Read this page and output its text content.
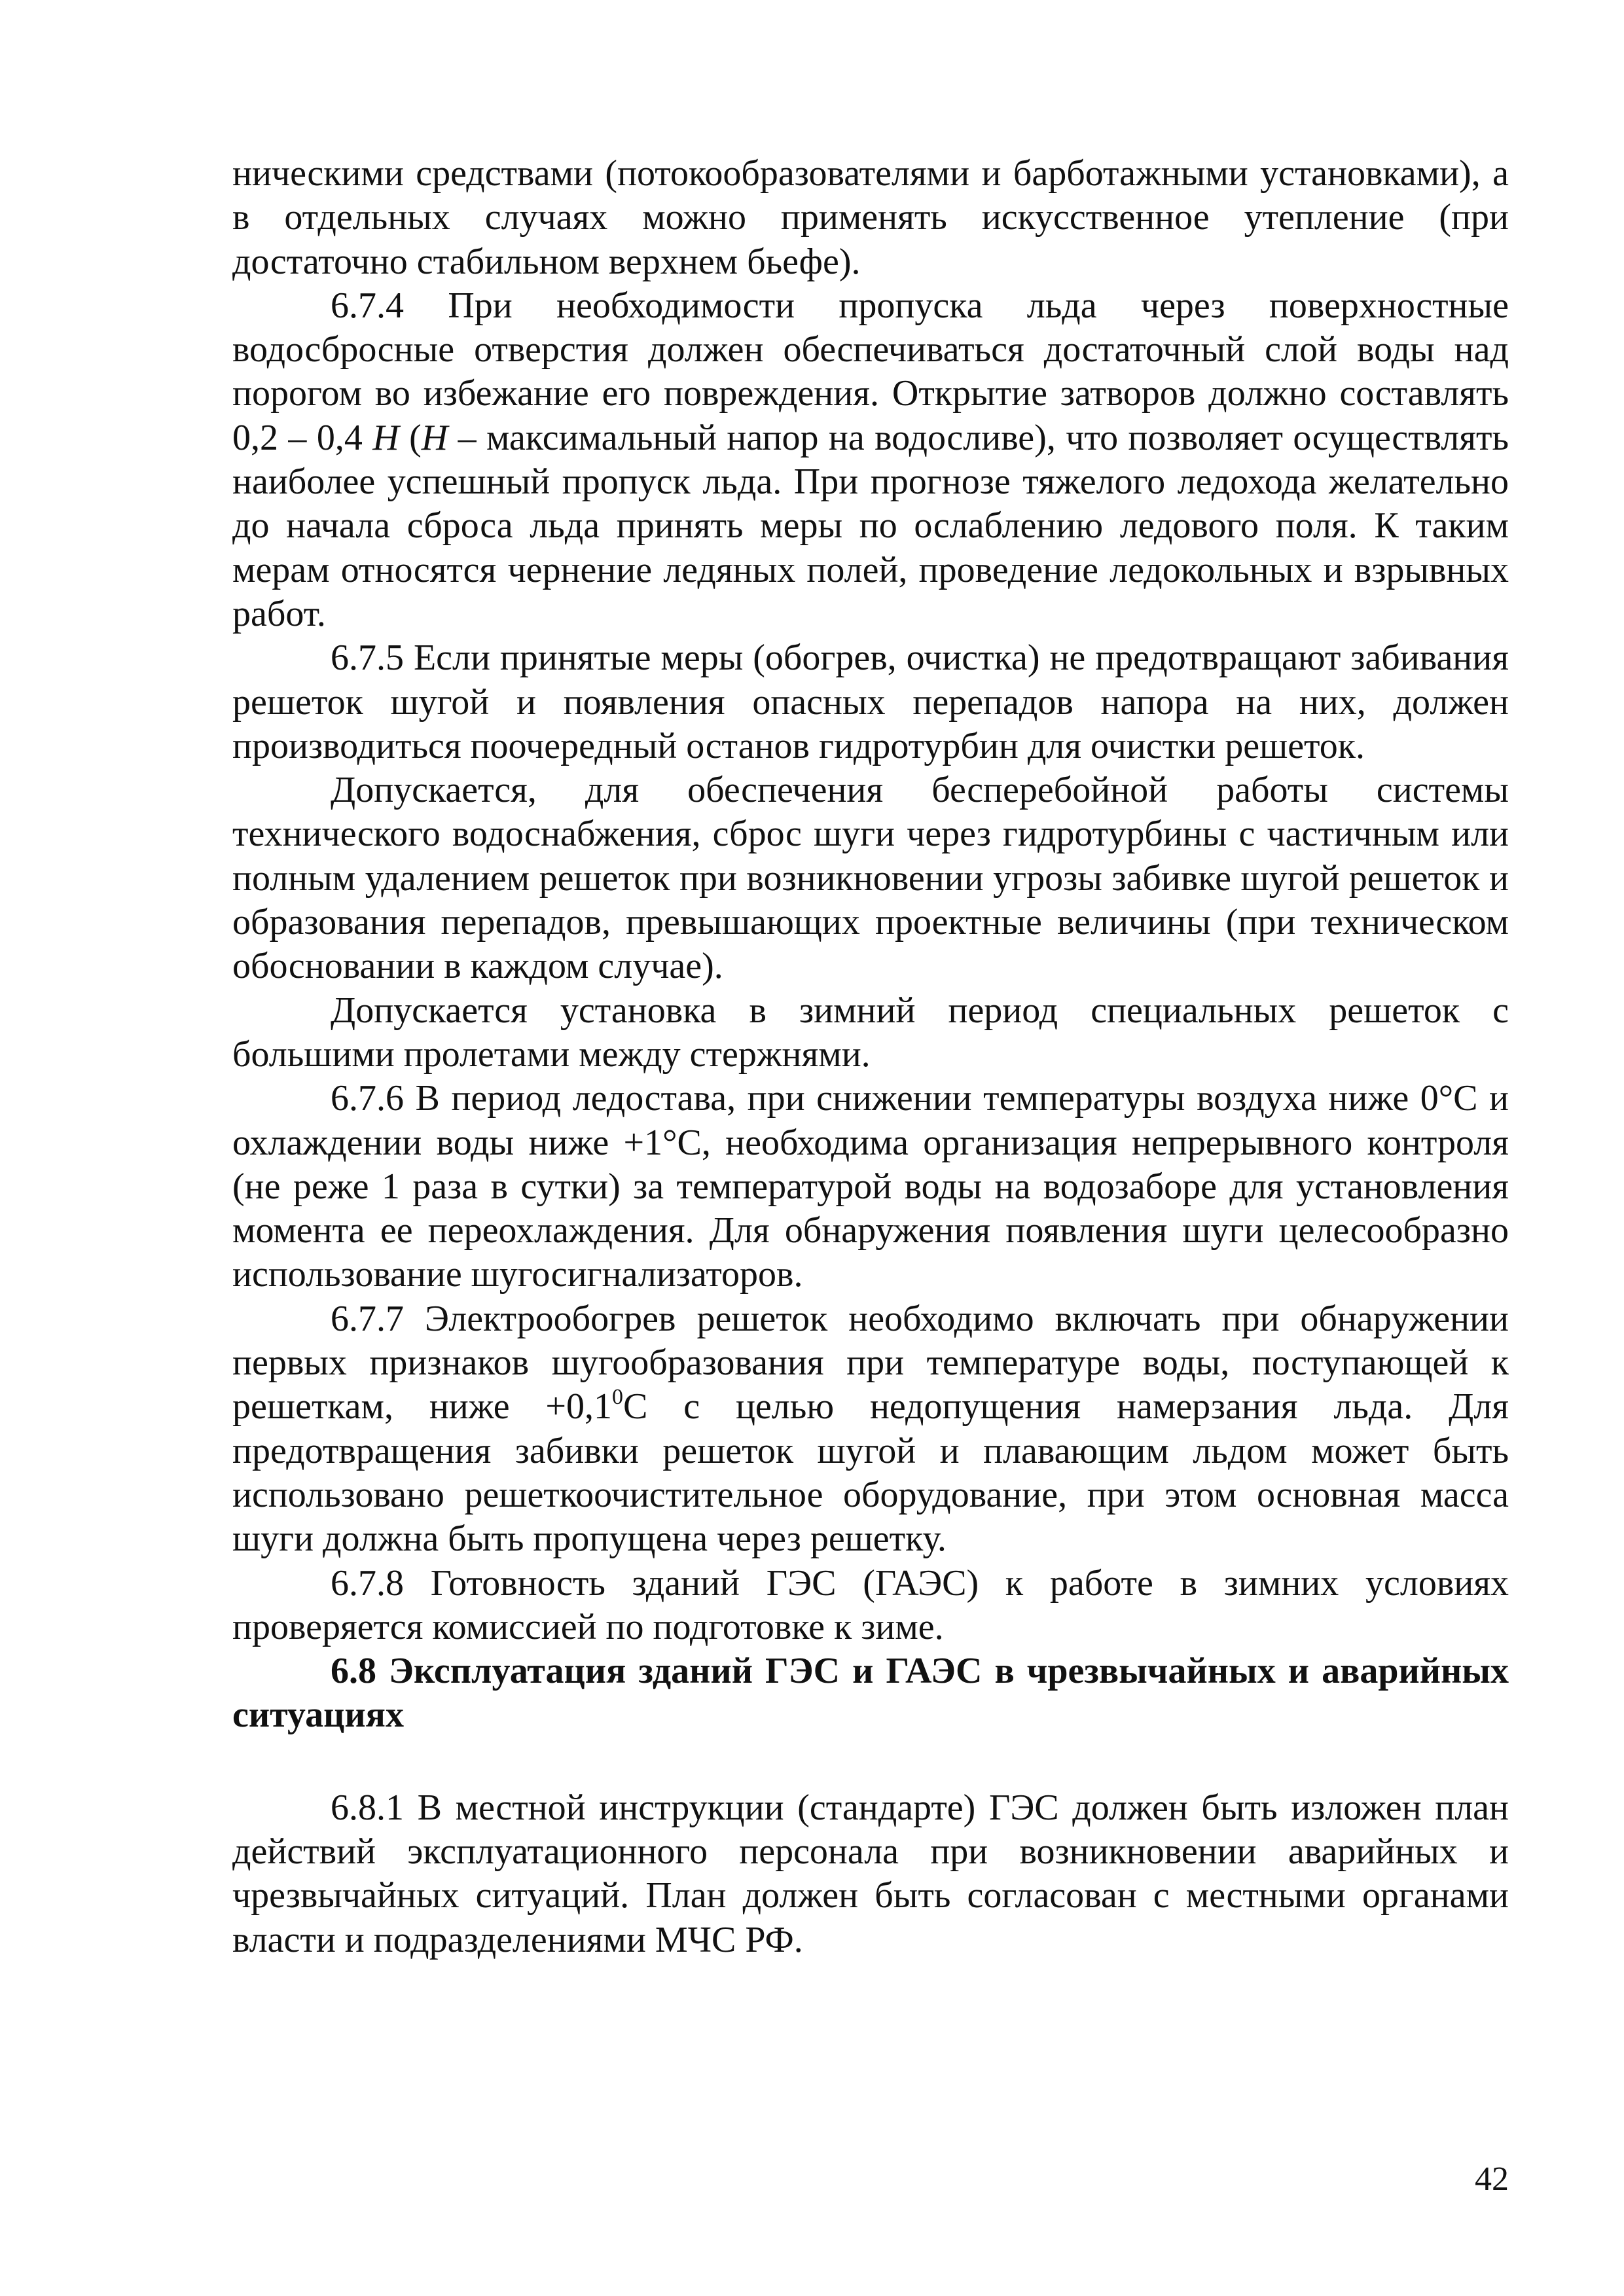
ническими средствами (потокообразователями и барботажными установками), а в отдельных случаях можно применять искусственное утепление (при достаточно стабильном верхнем бьефе).

6.7.4 При необходимости пропуска льда через поверхностные водосбросные отверстия должен обеспечиваться достаточный слой воды над порогом во избежание его повреждения. Открытие затворов должно составлять 0,2 – 0,4 H (H – максимальный напор на водосливе), что позволяет осуществлять наиболее успешный пропуск льда. При прогнозе тяжелого ледохода желательно до начала сброса льда принять меры по ослаблению ледового поля. К таким мерам относятся чернение ледяных полей, проведение ледокольных и взрывных работ.

6.7.5 Если принятые меры (обогрев, очистка) не предотвращают забивания решеток шугой и появления опасных перепадов напора на них, должен производиться поочередный останов гидротурбин для очистки решеток.

Допускается, для обеспечения бесперебойной работы системы технического водоснабжения, сброс шуги через гидротурбины с частичным или полным удалением решеток при возникновении угрозы забивке шугой решеток и образования перепадов, превышающих проектные величины (при техническом обосновании в каждом случае).

Допускается установка в зимний период специальных решеток с большими пролетами между стержнями.

6.7.6 В период ледостава, при снижении температуры воздуха ниже 0°С и охлаждении воды ниже +1°С, необходима организация непрерывного контроля (не реже 1 раза в сутки) за температурой воды на водозаборе для установления момента ее переохлаждения. Для обнаружения появления шуги целесообразно использование шугосигнализаторов.

6.7.7 Электрообогрев решеток необходимо включать при обнаружении первых признаков шугообразования при температуре воды, поступающей к решеткам, ниже $+0,1^0С$ с целью недопущения намерзания льда. Для предотвращения забивки решеток шугой и плавающим льдом может быть использовано решеткоочистительное оборудование, при этом основная масса шуги должна быть пропущена через решетку.

6.7.8 Готовность зданий ГЭС (ГАЭС) к работе в зимних условиях проверяется комиссией по подготовке к зиме.

6.8 Эксплуатация зданий ГЭС и ГАЭС в чрезвычайных и аварийных ситуациях

6.8.1 В местной инструкции (стандарте) ГЭС должен быть изложен план действий эксплуатационного персонала при возникновении аварийных и чрезвычайных ситуаций. План должен быть согласован с местными органами власти и подразделениями МЧС РФ.

42
